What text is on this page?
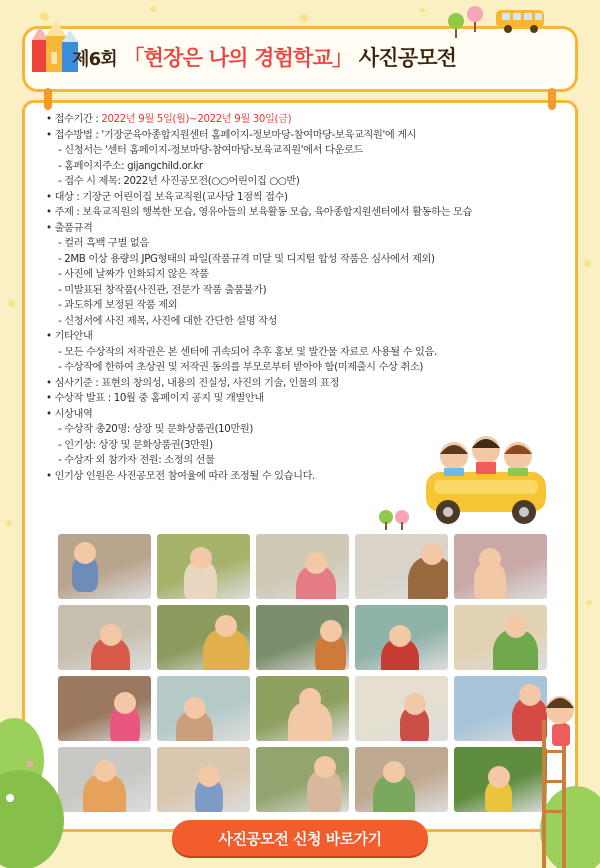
제6회 「현장은 나의 경험학교」 사진공모전
• 접수기간 : 2022년 9월 5일(월)~2022년 9월 30일(금)
• 접수방법 : '기장군육아종합지원센터 홈페이지-정보마당-참여마당-보육교직원'에 게시
- 신청서는 '센터 홈페이지-정보마당-참여마당-보육교직원'에서 다운로드
- 홈페이지주소: gijangchild.or.kr
- 접수 시 제목: 2022년 사진공모전(○○어린이집 ○○반)
• 대상 : 기장군 어린이집 보육교직원(교사당 1점씩 접수)
• 주제 : 보육교직원의 행복한 모습, 영유아들의 보육활동 모습, 육아종합지원센터에서 활동하는 모습
• 출품규격
- 컬러 흑백 구별 없음
- 2MB 이상 용량의 JPG형태의 파일(작품규격 미달 및 디지털 합성 작품은 심사에서 제외)
- 사진에 날짜가 인화되지 않은 작품
- 미발표된 창작품(사진관, 전문가 작품 출품불가)
- 과도하게 보정된 작품 제외
- 신청서에 사진 제목, 사진에 대한 간단한 설명 작성
• 기타안내
- 모든 수상작의 저작권은 본 센터에 귀속되어 추후 홍보 및 발간물 자료로 사용될 수 있음.
- 수상작에 한하여 초상권 및 저작권 동의를 부모로부터 받아야 함(미제출시 수상 취소)
• 심사기준 : 표현의 창의성, 내용의 진실성, 사진의 기술, 인물의 표정
• 수상작 발표 : 10월 중 홈페이지 공지 및 개별안내
• 시상내역
- 수상작 총20명: 상장 및 문화상품권(10만원)
- 인기상: 상장 및 문화상품권(3만원)
- 수상자 외 참가자 전원: 소정의 선물
• 인기상 인원은 사진공모전 참여율에 따라 조정될 수 있습니다.
사진공모전 신청 바로가기
